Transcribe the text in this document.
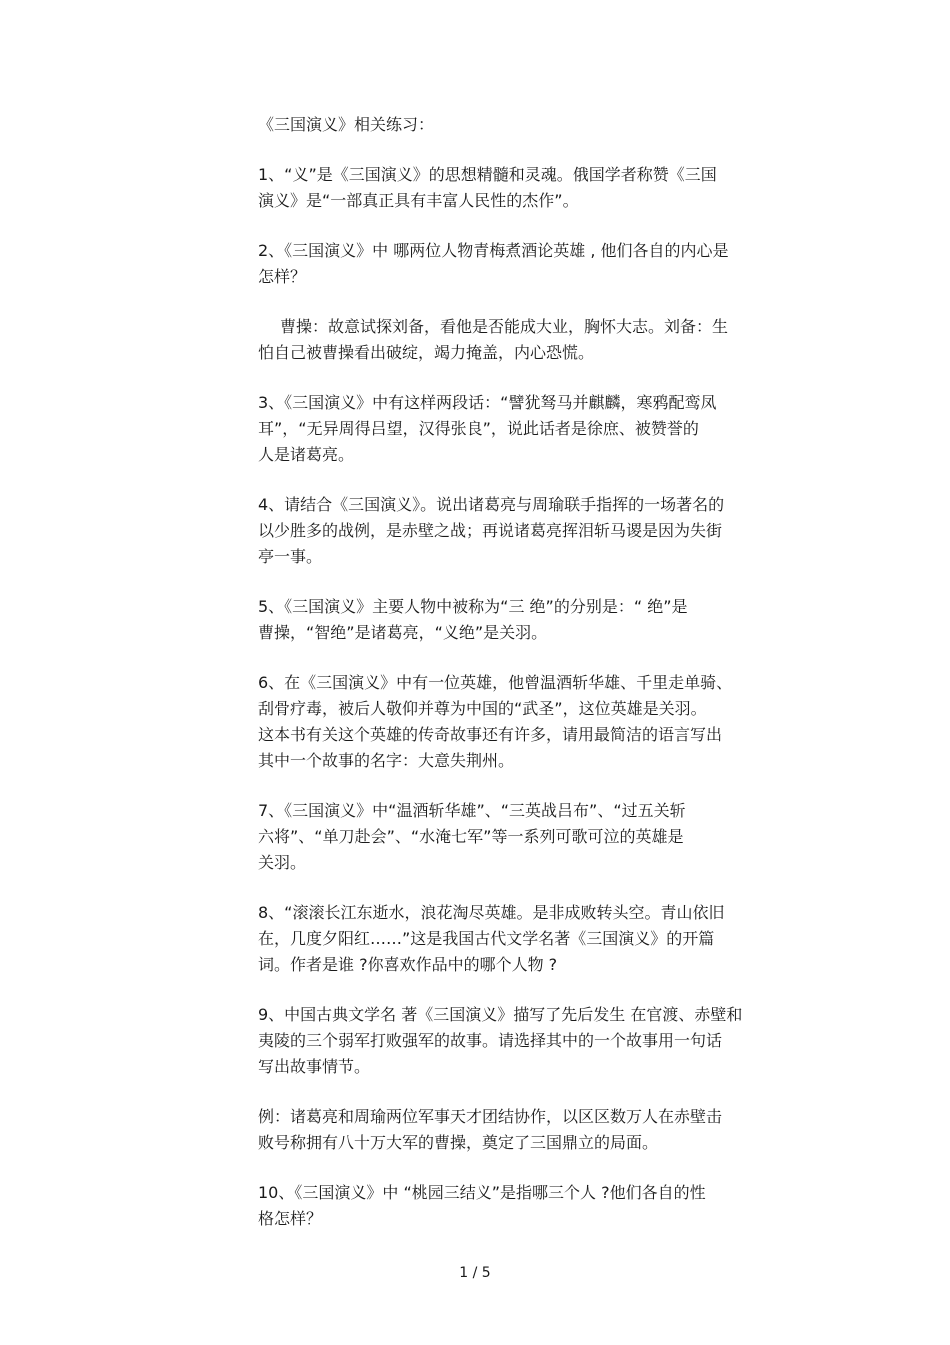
《三国演义》相关练习：
1、“义”是《三国演义》的思想精髓和灵魂。俄国学者称赞《三国
演义》是“一部真正具有丰富人民性的杰作”。
2、《三国演义》中 哪两位人物青梅煮酒论英雄 , 他们各自的内心是
怎样？
曹操：故意试探刘备，看他是否能成大业，胸怀大志。刘备：生
怕自己被曹操看出破绽，竭力掩盖，内心恐慌。
3、《三国演义》中有这样两段话：“譬犹驽马并麒麟，寒鸦配鸾凤
耳”，“无异周得吕望，汉得张良”，说此话者是徐庶、被赞誉的
人是诸葛亮。
4、请结合《三国演义》。说出诸葛亮与周瑜联手指挥的一场著名的
以少胜多的战例，是赤壁之战；再说诸葛亮挥泪斩马谡是因为失街
亭一事。
5、《三国演义》主要人物中被称为“三 绝”的分别是：“ 绝”是
曹操，“智绝”是诸葛亮，“义绝”是关羽。
6、在《三国演义》中有一位英雄，他曾温酒斩华雄、千里走单骑、
刮骨疗毒，被后人敬仰并尊为中国的“武圣”，这位英雄是关羽。
这本书有关这个英雄的传奇故事还有许多，请用最简洁的语言写出
其中一个故事的名字：大意失荆州。
7、《三国演义》中“温酒斩华雄”、“三英战吕布”、“过五关斩
六将”、“单刀赴会”、“水淹七军”等一系列可歌可泣的英雄是
关羽。
8、“滚滚长江东逝水，浪花淘尽英雄。是非成败转头空。青山依旧
在，几度夕阳红……”这是我国古代文学名著《三国演义》的开篇
词。作者是谁 ?你喜欢作品中的哪个人物 ?
9、中国古典文学名 著《三国演义》描写了先后发生 在官渡、赤壁和
夷陵的三个弱军打败强军的故事。请选择其中的一个故事用一句话
写出故事情节。
例：诸葛亮和周瑜两位军事天才团结协作，以区区数万人在赤壁击
败号称拥有八十万大军的曹操，奠定了三国鼎立的局面。
10、《三国演义》中 “桃园三结义”是指哪三个人 ?他们各自的性
格怎样？
1 / 5
